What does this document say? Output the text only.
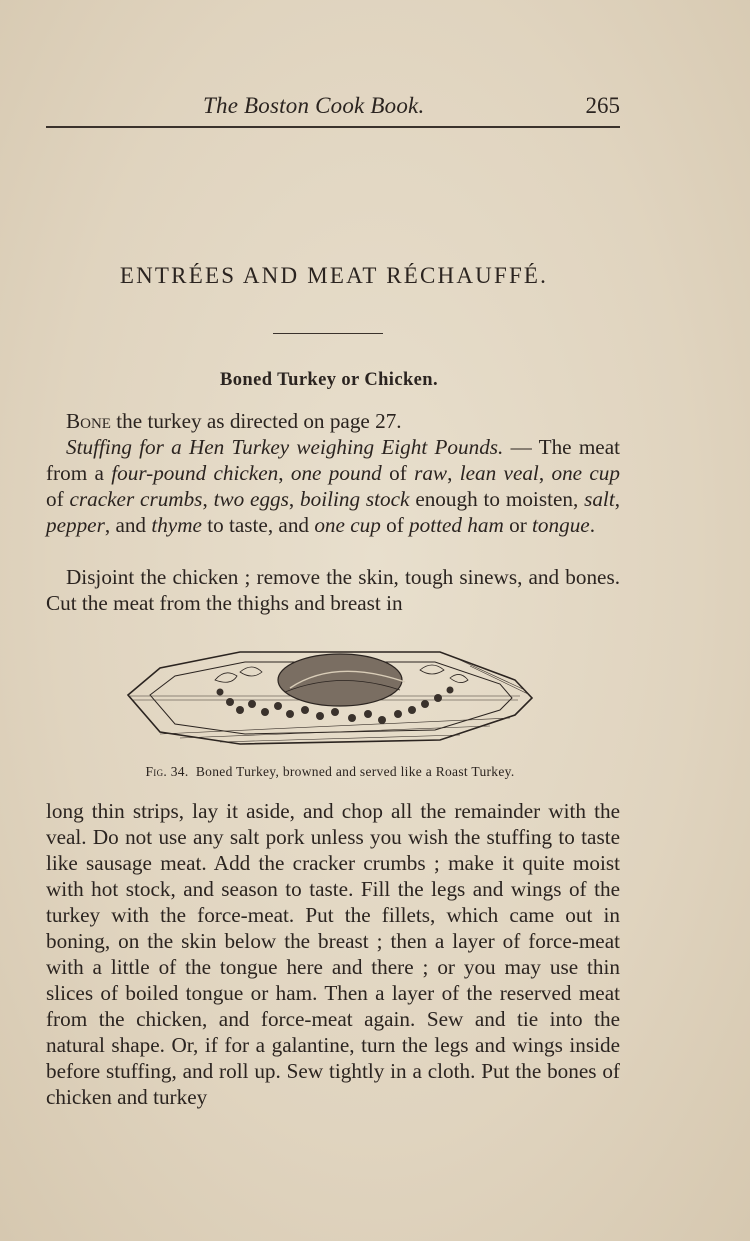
The Boston Cook Book.	265
ENTRÉES AND MEAT RÉCHAUFFÉ.
Boned Turkey or Chicken.
Bone the turkey as directed on page 27.
Stuffing for a Hen Turkey weighing Eight Pounds. — The meat from a four-pound chicken, one pound of raw, lean veal, one cup of cracker crumbs, two eggs, boiling stock enough to moisten, salt, pepper, and thyme to taste, and one cup of potted ham or tongue.
Disjoint the chicken ; remove the skin, tough sinews, and bones. Cut the meat from the thighs and breast in
Fig. 34. Boned Turkey, browned and served like a Roast Turkey.
long thin strips, lay it aside, and chop all the remainder with the veal. Do not use any salt pork unless you wish the stuffing to taste like sausage meat. Add the cracker crumbs ; make it quite moist with hot stock, and season to taste. Fill the legs and wings of the turkey with the force-meat. Put the fillets, which came out in boning, on the skin below the breast ; then a layer of force-meat with a little of the tongue here and there ; or you may use thin slices of boiled tongue or ham. Then a layer of the reserved meat from the chicken, and force-meat again. Sew and tie into the natural shape. Or, if for a galantine, turn the legs and wings inside before stuffing, and roll up. Sew tightly in a cloth. Put the bones of chicken and turkey
